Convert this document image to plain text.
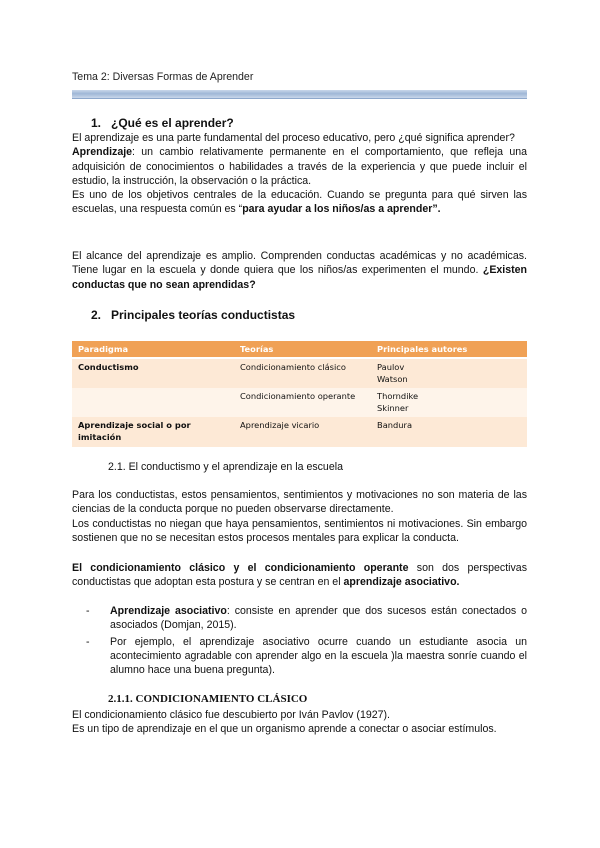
Tema 2: Diversas Formas de Aprender
1. ¿Qué es el aprender?

El aprendizaje es una parte fundamental del proceso educativo, pero ¿qué significa aprender?

Aprendizaje: un cambio relativamente permanente en el comportamiento, que refleja una adquisición de conocimientos o habilidades a través de la experiencia y que puede incluir el estudio, la instrucción, la observación o la práctica.

Es uno de los objetivos centrales de la educación. Cuando se pregunta para qué sirven las escuelas, una respuesta común es “para ayudar a los niños/as a aprender”.

El alcance del aprendizaje es amplio. Comprenden conductas académicas y no académicas. Tiene lugar en la escuela y donde quiera que los niños/as experimenten el mundo. ¿Existen conductas que no sean aprendidas?

2. Principales teorías conductistas
Paradigma	Teorías	Principales autores
Conductismo	Condicionamiento clásico	Paulov
Watson

	Condicionamiento operante	Thorndike
Skinner

Aprendizaje social o por imitación	Aprendizaje vicario	Bandura
2.1. El conductismo y el aprendizaje en la escuela

Para los conductistas, estos pensamientos, sentimientos y motivaciones no son materia de las ciencias de la conducta porque no pueden observarse directamente.

Los conductistas no niegan que haya pensamientos, sentimientos ni motivaciones. Sin embargo sostienen que no se necesitan estos procesos mentales para explicar la conducta.

El condicionamiento clásico y el condicionamiento operante son dos perspectivas conductistas que adoptan esta postura y se centran en el aprendizaje asociativo.

- Aprendizaje asociativo: consiste en aprender que dos sucesos están conectados o asociados (Domjan, 2015).
- Por ejemplo, el aprendizaje asociativo ocurre cuando un estudiante asocia un acontecimiento agradable con aprender algo en la escuela )la maestra sonríe cuando el alumno hace una buena pregunta).
2.1.1. CONDICIONAMIENTO CLÁSICO

El condicionamiento clásico fue descubierto por Iván Pavlov (1927).

Es un tipo de aprendizaje en el que un organismo aprende a conectar o asociar estímulos.
